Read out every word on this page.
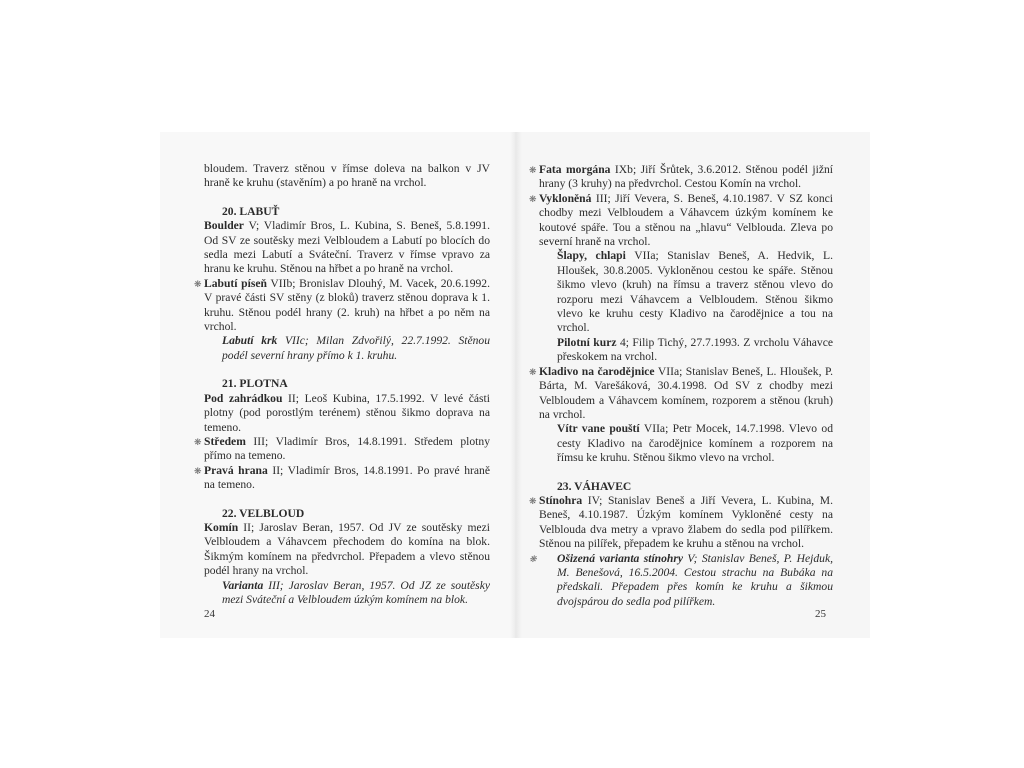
bloudem. Traverz stěnou v římse doleva na balkon v JV hraně ke kruhu (stavěním) a po hraně na vrchol.

20. LABUŤ

Boulder V; Vladimír Bros, L. Kubina, S. Beneš, 5.8.1991. Od SV ze soutěsky mezi Velbloudem a Labutí po blocích do sedla mezi Labutí a Sváteční. Traverz v římse vpravo za hranu ke kruhu. Stěnou na hřbet a po hraně na vrchol.

❋ Labutí píseň VIIb; Bronislav Dlouhý, M. Vacek, 20.6.1992. V pravé části SV stěny (z bloků) traverz stěnou doprava k 1. kruhu. Stěnou podél hrany (2. kruh) na hřbet a po něm na vrchol.

Labutí krk VIIc; Milan Zdvořilý, 22.7.1992. Stěnou podél severní hrany přímo k 1. kruhu.

21. PLOTNA

Pod zahrádkou II; Leoš Kubina, 17.5.1992. V levé části plotny (pod porostlým terénem) stěnou šikmo doprava na temeno.

❋ Středem III; Vladimír Bros, 14.8.1991. Středem plotny přímo na temeno.

❋ Pravá hrana II; Vladimír Bros, 14.8.1991. Po pravé hraně na temeno.

22. VELBLOUD

Komín II; Jaroslav Beran, 1957. Od JV ze soutěsky mezi Velbloudem a Váhavcem přechodem do komína na blok. Šikmým komínem na předvrchol. Přepadem a vlevo stěnou podél hrany na vrchol.

Varianta III; Jaroslav Beran, 1957. Od JZ ze soutěsky mezi Sváteční a Velbloudem úzkým komínem na blok.

24

❋ Fata morgána IXb; Jiří Šrůtek, 3.6.2012. Stěnou podél jižní hrany (3 kruhy) na předvrchol. Cestou Komín na vrchol.

❋ Vykloněná III; Jiří Vevera, S. Beneš, 4.10.1987. V SZ konci chodby mezi Velbloudem a Váhavcem úzkým komínem ke koutové spáře. Tou a stěnou na „hlavu“ Velblouda. Zleva po severní hraně na vrchol.

Šlapy, chlapi VIIa; Stanislav Beneš, A. Hedvik, L. Hloušek, 30.8.2005. Vykloněnou cestou ke spáře. Stěnou šikmo vlevo (kruh) na římsu a traverz stěnou vlevo do rozporu mezi Váhavcem a Velbloudem. Stěnou šikmo vlevo ke kruhu cesty Kladivo na čarodějnice a tou na vrchol.

Pilotní kurz 4; Filip Tichý, 27.7.1993. Z vrcholu Váhavce přeskokem na vrchol.

❋ Kladivo na čarodějnice VIIa; Stanislav Beneš, L. Hloušek, P. Bárta, M. Varešáková, 30.4.1998. Od SV z chodby mezi Velbloudem a Váhavcem komínem, rozporem a stěnou (kruh) na vrchol.

Vítr vane pouští VIIa; Petr Mocek, 14.7.1998. Vlevo od cesty Kladivo na čarodějnice komínem a rozporem na římsu ke kruhu. Stěnou šikmo vlevo na vrchol.

23. VÁHAVEC

❋ Stínohra IV; Stanislav Beneš a Jiří Vevera, L. Kubina, M. Beneš, 4.10.1987. Úzkým komínem Vykloněné cesty na Velblouda dva metry a vpravo žlabem do sedla pod pilířkem. Stěnou na pilířek, přepadem ke kruhu a stěnou na vrchol.

❋ Ošizená varianta stínohry V; Stanislav Beneš, P. Hejduk, M. Benešová, 16.5.2004. Cestou strachu na Bubáka na předskali. Přepadem přes komín ke kruhu a šikmou dvojspárou do sedla pod pilířkem.

25
